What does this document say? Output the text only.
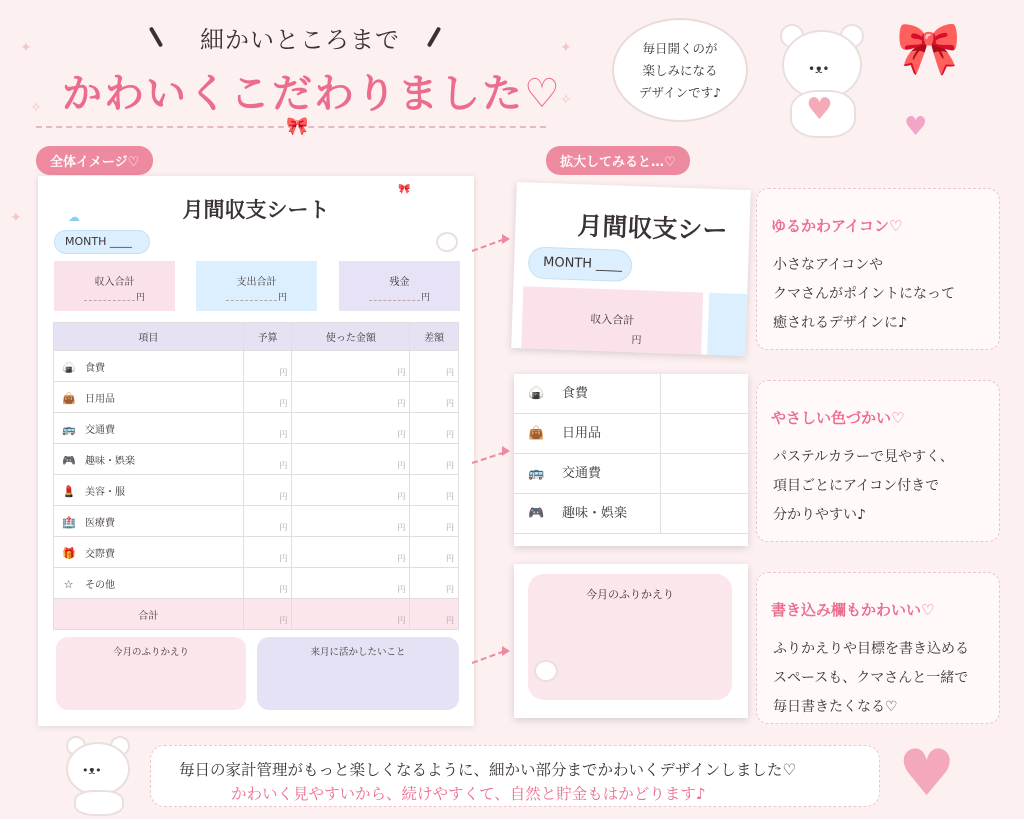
✦
✦
✦
✧
✧
細かいところまで
かわいくこだわりました♡
🎀
毎日開くのが
楽しみになる
デザインです♪
•ᴥ•
♥
🎀
♥
全体イメージ♡	拡大してみると…♡
月間収支シート
☁
🎀
MONTH ____
収入合計
円
支出合計
円
残金
円
項目	予算	使った金額	差額
🍙 食費	円	円	円
👜 日用品	円	円	円
🚌 交通費	円	円	円
🎮 趣味・娯楽	円	円	円
💄 美容・服	円	円	円
🏥 医療費	円	円	円
🎁 交際費	円	円	円
☆ その他	円	円	円
合計	円	円	円
今月のふりかえり	来月に活かしたいこと
月間収支シー
MONTH ____
収入合計
円
🍙 食費
👜 日用品
🚌 交通費
🎮 趣味・娯楽
今月のふりかえり
ゆるかわアイコン♡
小さなアイコンや
クマさんがポイントになって
癒されるデザインに♪
やさしい色づかい♡
パステルカラーで見やすく、
項目ごとにアイコン付きで
分かりやすい♪
書き込み欄もかわいい♡
ふりかえりや目標を書き込める
スペースも、クマさんと一緒で
毎日書きたくなる♡
•ᴥ•	毎日の家計管理がもっと楽しくなるように、細かい部分までかわいくデザインしました♡
かわいく見やすいから、続けやすくて、自然と貯金もはかどります♪	♥
